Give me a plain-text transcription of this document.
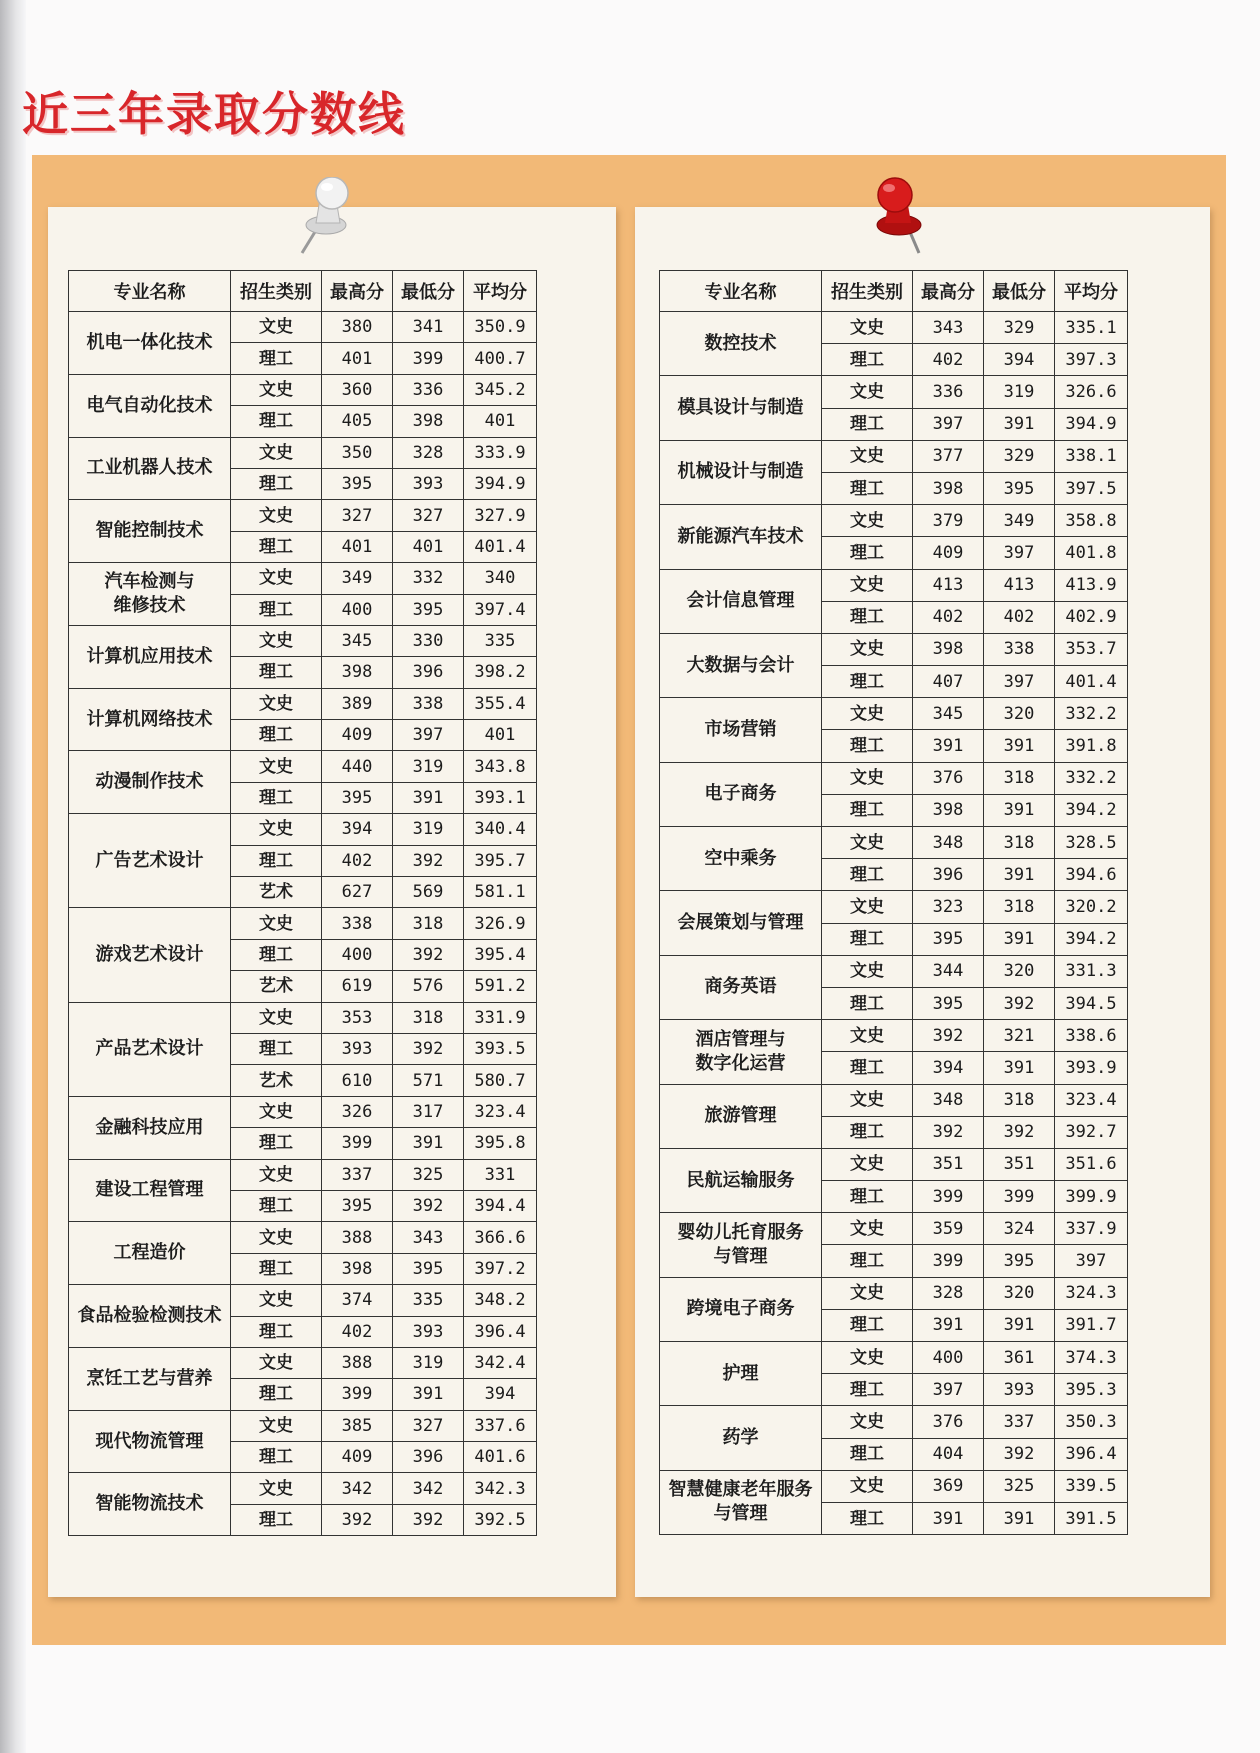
近三年录取分数线
专业名称	招生类别	最高分	最低分	平均分
机电一体化技术	文史	380	341	350.9
	理工	401	399	400.7
电气自动化技术	文史	360	336	345.2
	理工	405	398	401
工业机器人技术	文史	350	328	333.9
	理工	395	393	394.9
智能控制技术	文史	327	327	327.9
	理工	401	401	401.4
汽车检测与
维修技术	文史	349	332	340
	理工	400	395	397.4
计算机应用技术	文史	345	330	335
	理工	398	396	398.2
计算机网络技术	文史	389	338	355.4
	理工	409	397	401
动漫制作技术	文史	440	319	343.8
	理工	395	391	393.1
广告艺术设计	文史	394	319	340.4
	理工	402	392	395.7
	艺术	627	569	581.1
游戏艺术设计	文史	338	318	326.9
	理工	400	392	395.4
	艺术	619	576	591.2
产品艺术设计	文史	353	318	331.9
	理工	393	392	393.5
	艺术	610	571	580.7
金融科技应用	文史	326	317	323.4
	理工	399	391	395.8
建设工程管理	文史	337	325	331
	理工	395	392	394.4
工程造价	文史	388	343	366.6
	理工	398	395	397.2
食品检验检测技术	文史	374	335	348.2
	理工	402	393	396.4
烹饪工艺与营养	文史	388	319	342.4
	理工	399	391	394
现代物流管理	文史	385	327	337.6
	理工	409	396	401.6
智能物流技术	文史	342	342	342.3
	理工	392	392	392.5
专业名称	招生类别	最高分	最低分	平均分
数控技术	文史	343	329	335.1
	理工	402	394	397.3
模具设计与制造	文史	336	319	326.6
	理工	397	391	394.9
机械设计与制造	文史	377	329	338.1
	理工	398	395	397.5
新能源汽车技术	文史	379	349	358.8
	理工	409	397	401.8
会计信息管理	文史	413	413	413.9
	理工	402	402	402.9
大数据与会计	文史	398	338	353.7
	理工	407	397	401.4
市场营销	文史	345	320	332.2
	理工	391	391	391.8
电子商务	文史	376	318	332.2
	理工	398	391	394.2
空中乘务	文史	348	318	328.5
	理工	396	391	394.6
会展策划与管理	文史	323	318	320.2
	理工	395	391	394.2
商务英语	文史	344	320	331.3
	理工	395	392	394.5
酒店管理与
数字化运营	文史	392	321	338.6
	理工	394	391	393.9
旅游管理	文史	348	318	323.4
	理工	392	392	392.7
民航运输服务	文史	351	351	351.6
	理工	399	399	399.9
婴幼儿托育服务
与管理	文史	359	324	337.9
	理工	399	395	397
跨境电子商务	文史	328	320	324.3
	理工	391	391	391.7
护理	文史	400	361	374.3
	理工	397	393	395.3
药学	文史	376	337	350.3
	理工	404	392	396.4
智慧健康老年服务
与管理	文史	369	325	339.5
	理工	391	391	391.5
